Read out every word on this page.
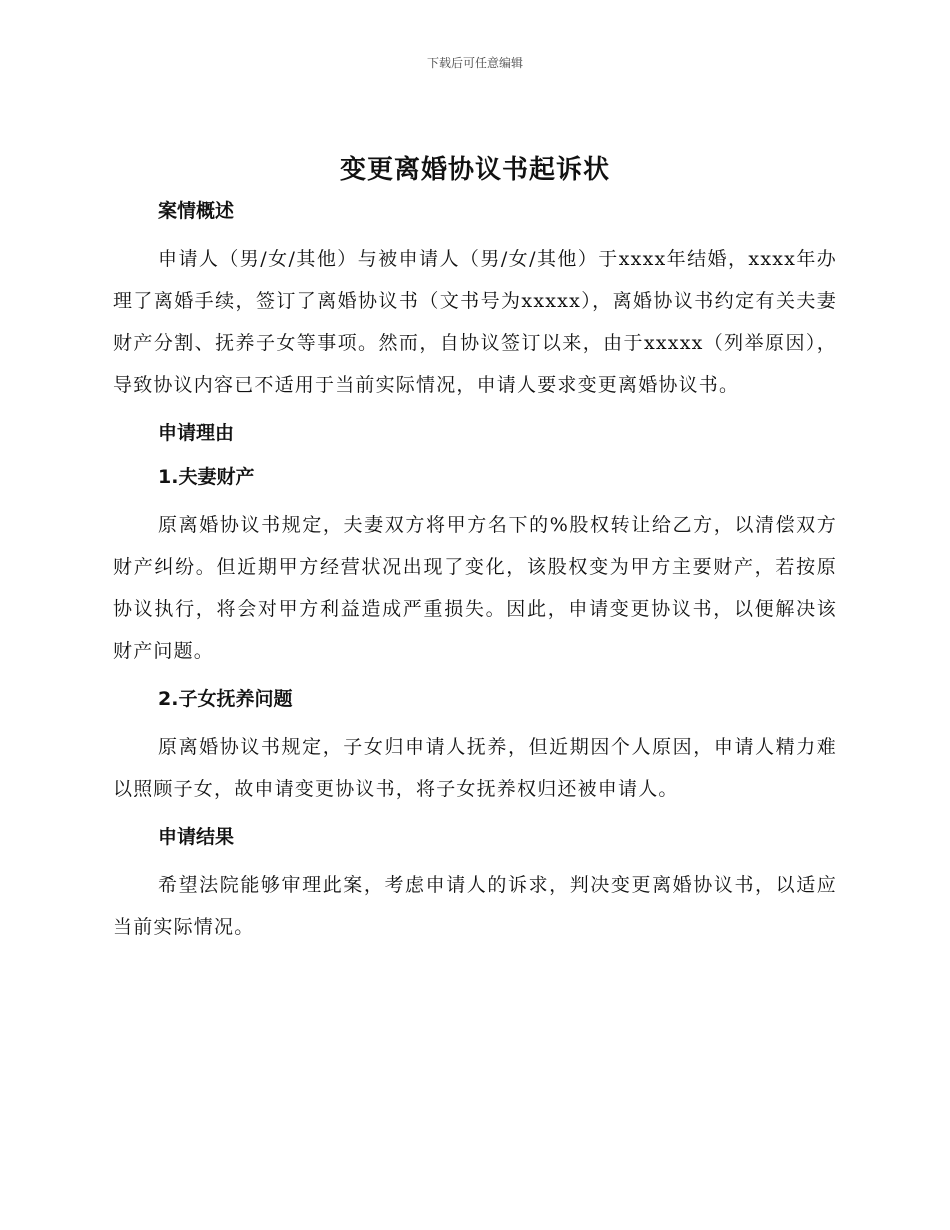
下载后可任意编辑
变更离婚协议书起诉状
案情概述

申请人（男/女/其他）与被申请人（男/女/其他）于xxxx年结婚，xxxx年办理了离婚手续，签订了离婚协议书（文书号为xxxxx），离婚协议书约定有关夫妻财产分割、抚养子女等事项。然而，自协议签订以来，由于xxxxx（列举原因），导致协议内容已不适用于当前实际情况，申请人要求变更离婚协议书。

申请理由
1.夫妻财产

原离婚协议书规定，夫妻双方将甲方名下的%股权转让给乙方，以清偿双方财产纠纷。但近期甲方经营状况出现了变化，该股权变为甲方主要财产，若按原协议执行，将会对甲方利益造成严重损失。因此，申请变更协议书，以便解决该财产问题。

2.子女抚养问题

原离婚协议书规定，子女归申请人抚养，但近期因个人原因，申请人精力难以照顾子女，故申请变更协议书，将子女抚养权归还被申请人。

申请结果

希望法院能够审理此案，考虑申请人的诉求，判决变更离婚协议书，以适应当前实际情况。
